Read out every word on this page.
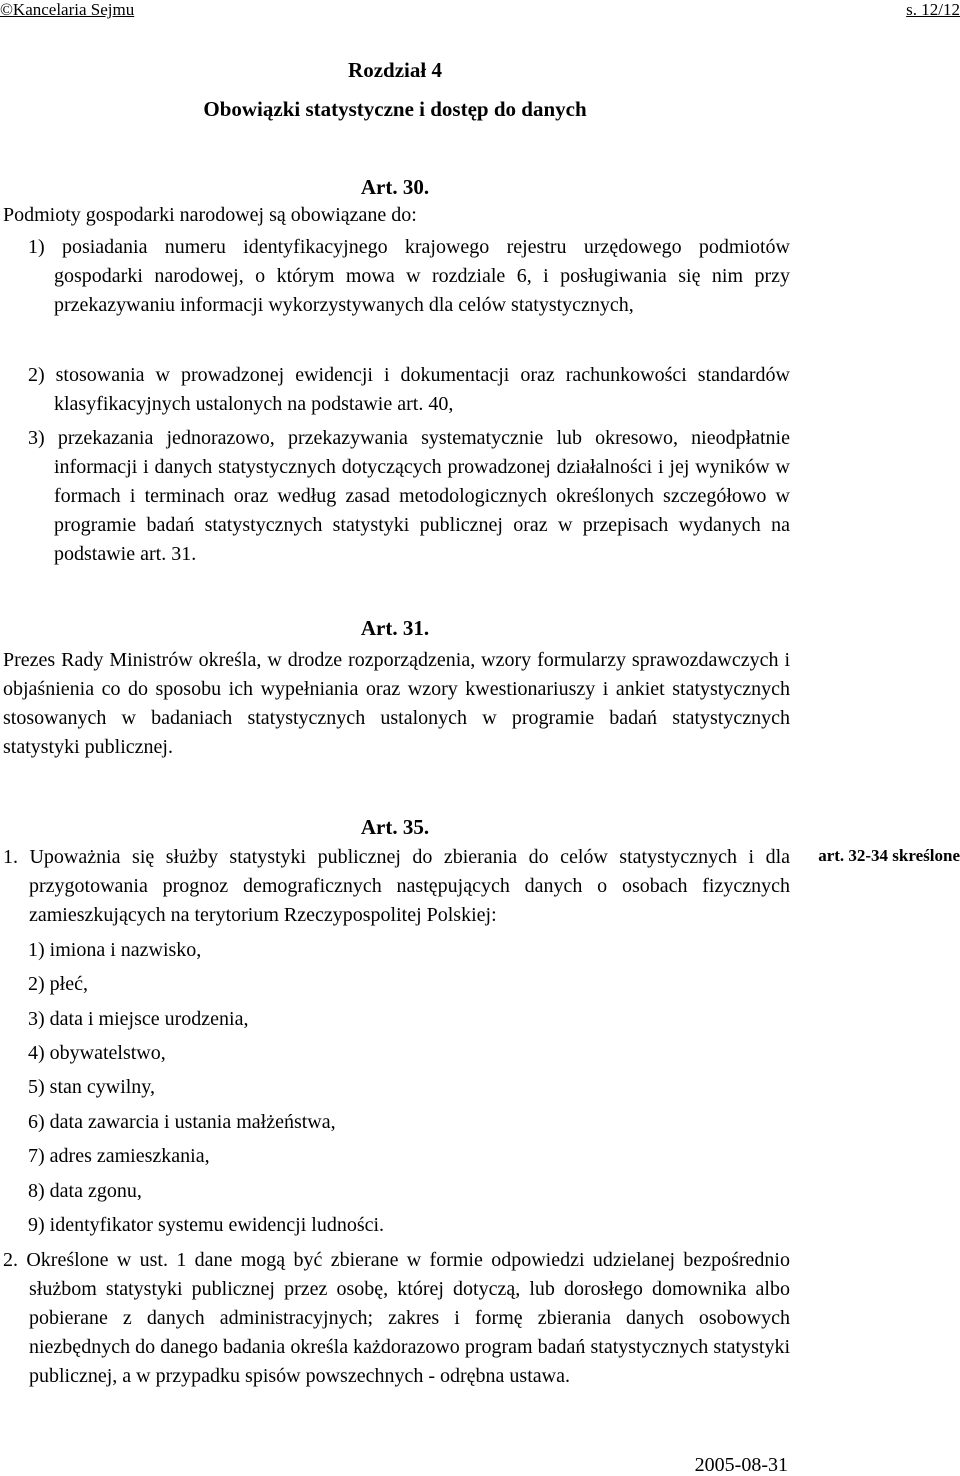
©Kancelaria Sejmu	s. 12/12
Rozdział 4
Obowiązki statystyczne i dostęp do danych
Art. 30.
Podmioty gospodarki narodowej są obowiązane do:
1) posiadania numeru identyfikacyjnego krajowego rejestru urzędowego podmiotów gospodarki narodowej, o którym mowa w rozdziale 6, i posługiwania się nim przy przekazywaniu informacji wykorzystywanych dla celów statystycznych,
2) stosowania w prowadzonej ewidencji i dokumentacji oraz rachunkowości standardów klasyfikacyjnych ustalonych na podstawie art. 40,
3) przekazania jednorazowo, przekazywania systematycznie lub okresowo, nieodpłatnie informacji i danych statystycznych dotyczących prowadzonej działalności i jej wyników w formach i terminach oraz według zasad metodologicznych określonych szczegółowo w programie badań statystycznych statystyki publicznej oraz w przepisach wydanych na podstawie art. 31.
Art. 31.
Prezes Rady Ministrów określa, w drodze rozporządzenia, wzory formularzy sprawozdawczych i objaśnienia co do sposobu ich wypełniania oraz wzory kwestionariuszy i ankiet statystycznych stosowanych w badaniach statystycznych ustalonych w programie badań statystycznych statystyki publicznej.
Art. 35.
1. Upoważnia się służby statystyki publicznej do zbierania do celów statystycznych i dla przygotowania prognoz demograficznych następujących danych o osobach fizycznych zamieszkujących na terytorium Rzeczypospolitej Polskiej:
1) imiona i nazwisko,
2) płeć,
3) data i miejsce urodzenia,
4) obywatelstwo,
5) stan cywilny,
6) data zawarcia i ustania małżeństwa,
7) adres zamieszkania,
8) data zgonu,
9) identyfikator systemu ewidencji ludności.
2. Określone w ust. 1 dane mogą być zbierane w formie odpowiedzi udzielanej bezpośrednio służbom statystyki publicznej przez osobę, której dotyczą, lub dorosłego domownika albo pobierane z danych administracyjnych; zakres i formę zbierania danych osobowych niezbędnych do danego badania określa każdorazowo program badań statystycznych statystyki publicznej, a w przypadku spisów powszechnych - odrębna ustawa.
art. 32-34 skreślone
2005-08-31
